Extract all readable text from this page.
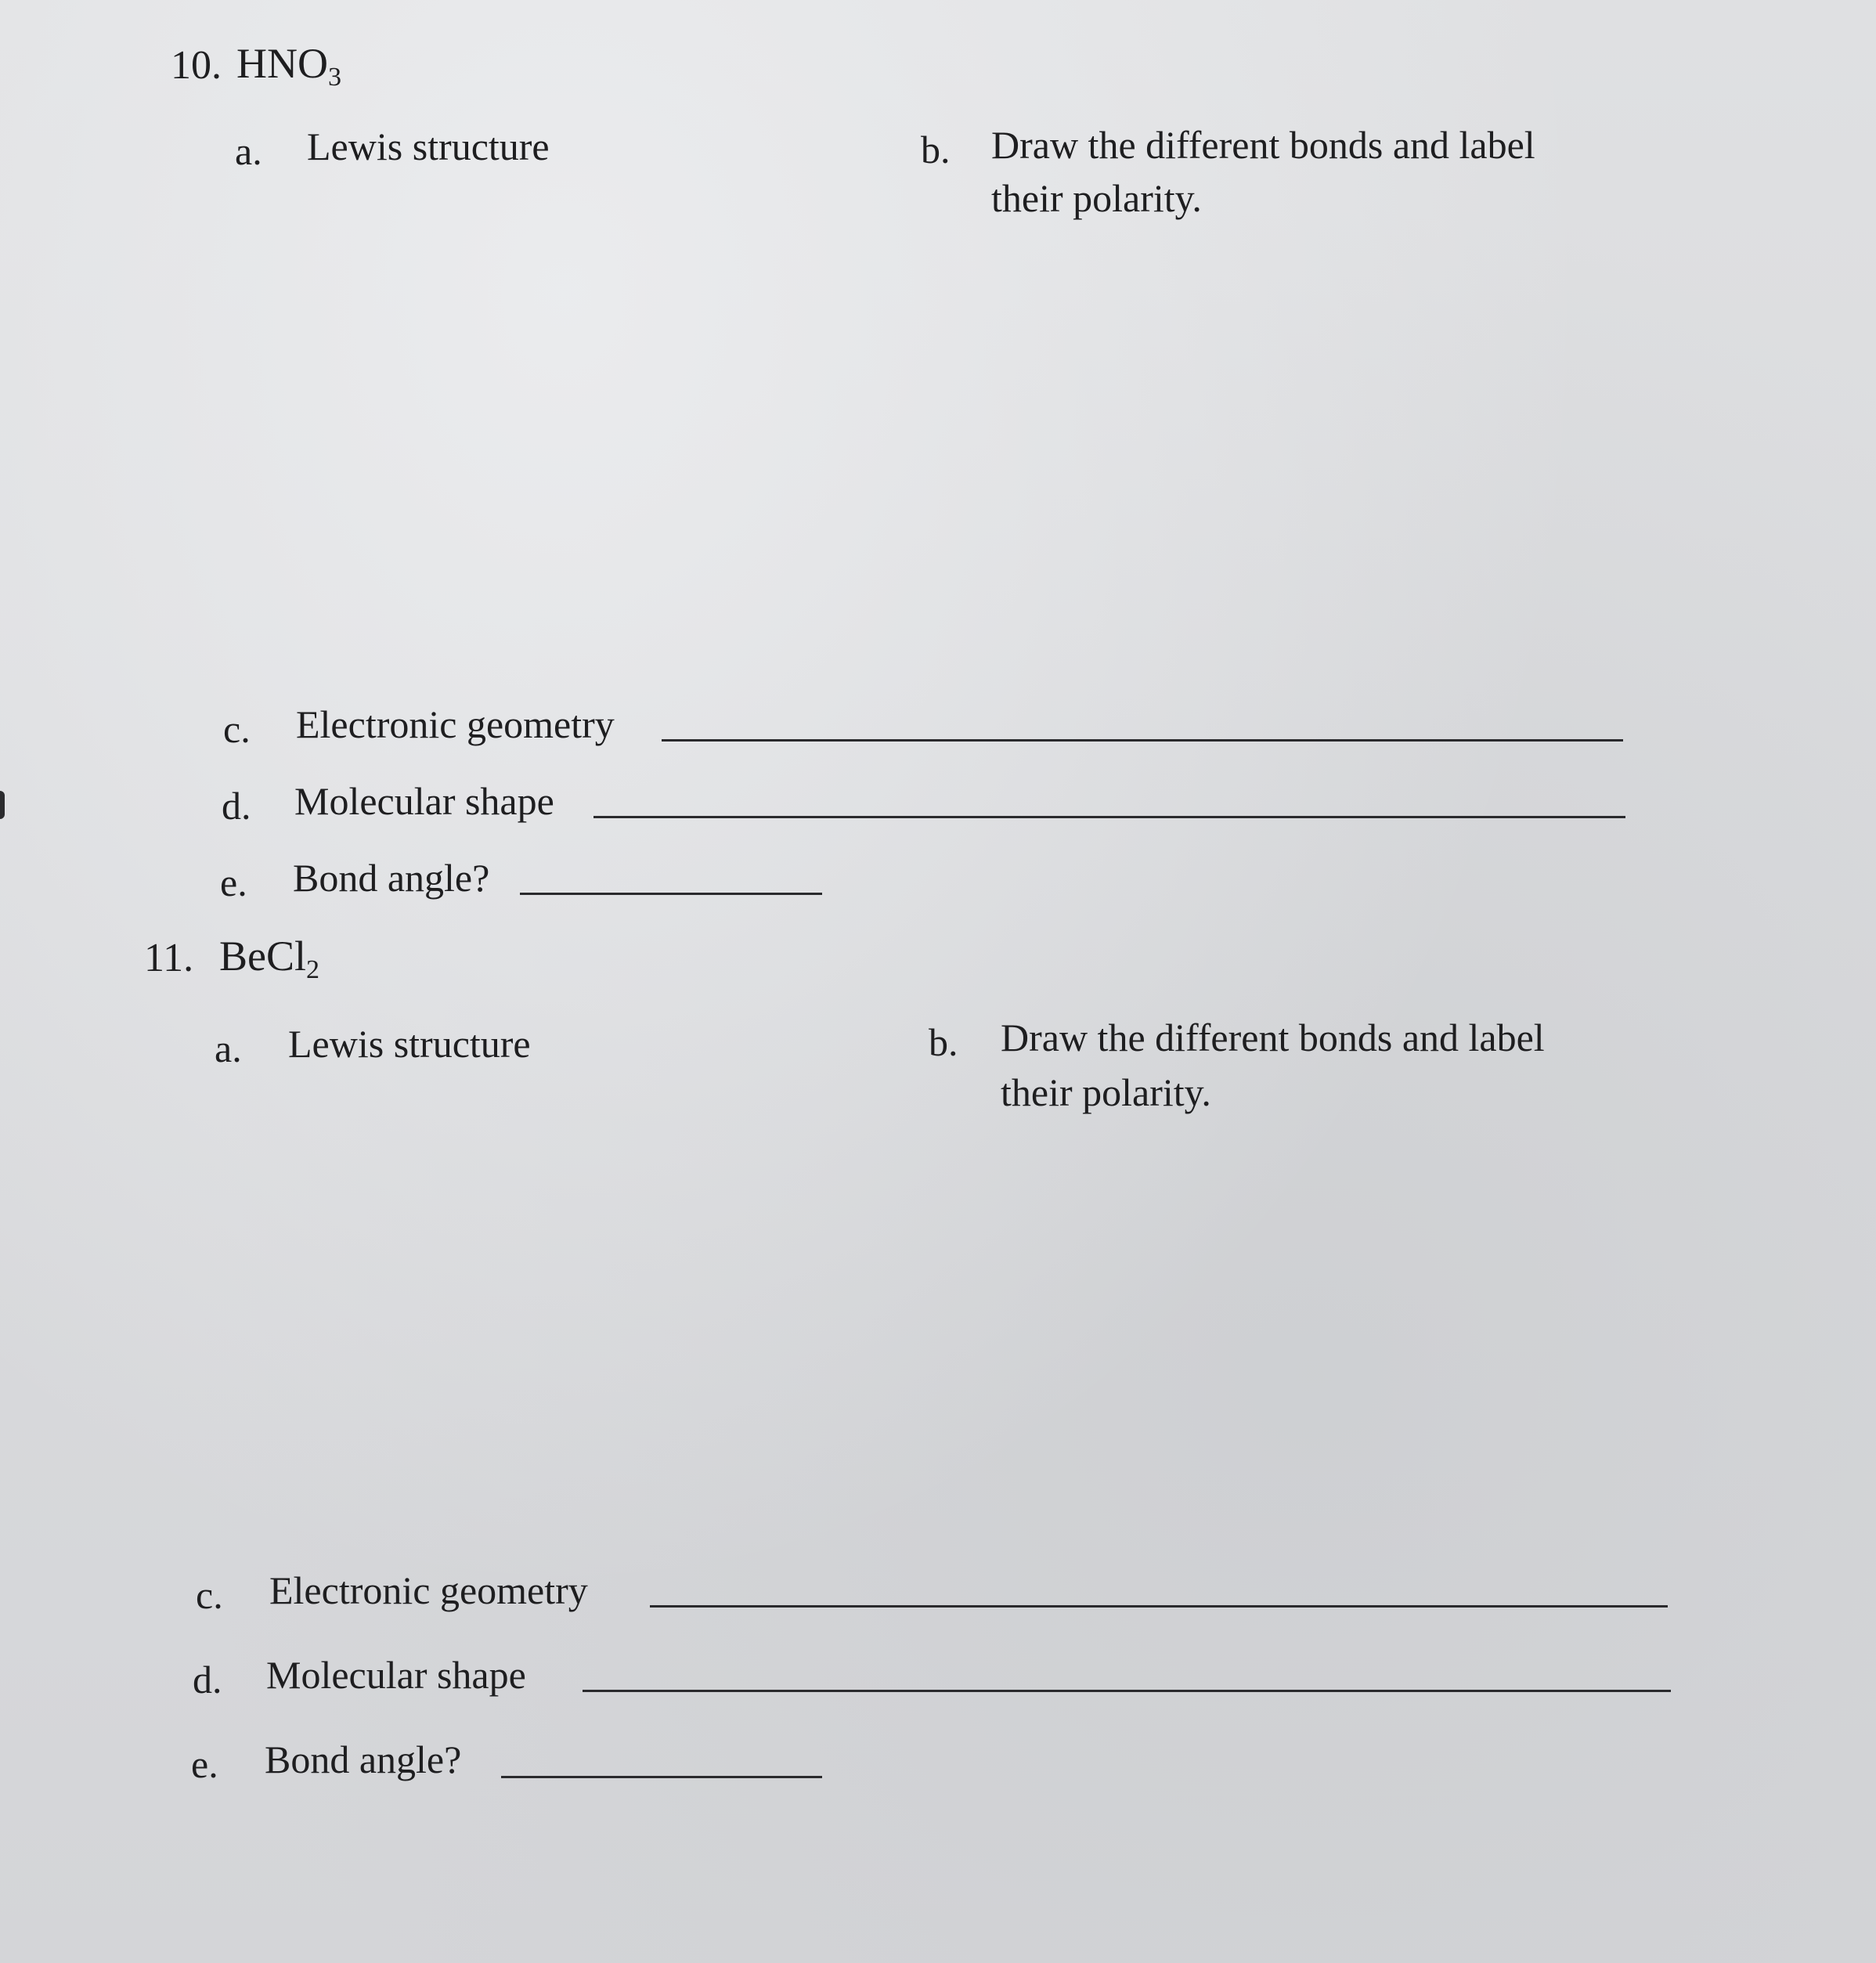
10. $HNO_3$
a. Lewis structure	b. Draw the different bonds and label
their polarity.
c. Electronic geometry
d. Molecular shape
e. Bond angle?
11. BeCl$_2$
a. Lewis structure	b. Draw the different bonds and label
their polarity.
c. Electronic geometry
d. Molecular shape
e. Bond angle?
